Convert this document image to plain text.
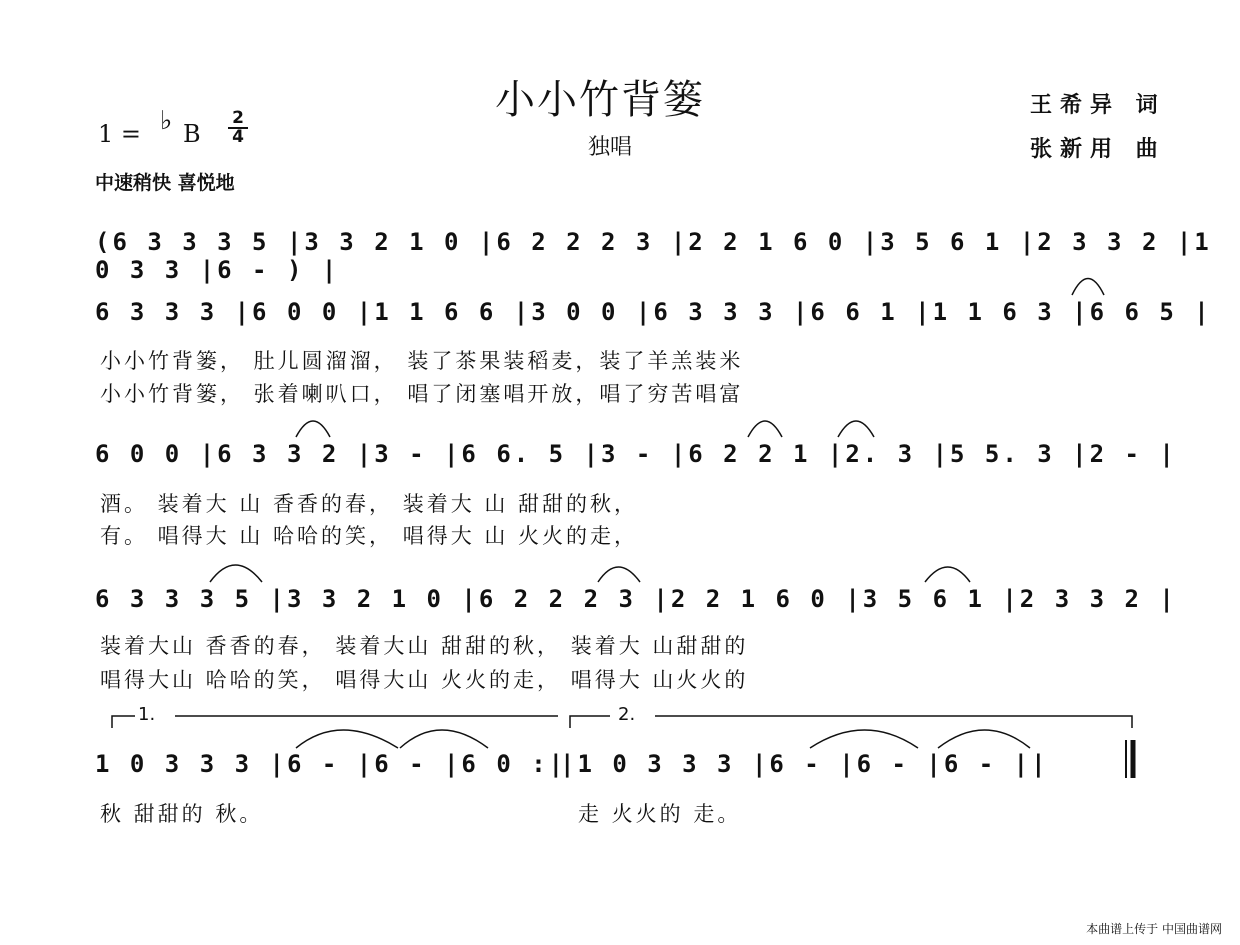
小小竹背篓
独唱
王希异 词
张新用 曲
1 = ♭ B
2
4
中速稍快 喜悦地
(6 3 3 3 5 |3 3 2 1 0 |6 2 2 2 3 |2 2 1 6 0 |3 5 6 1 |2 3 3 2 |1 0 3 3 |6 - ) |
6 3 3 3 |6 0 0 |1 1 6 6 |3 0 0 |6 3 3 3 |6 6 1 |1 1 6 3 |6 6 5 |
小小竹背篓， 肚儿圆溜溜， 装了茶果装稻麦，装了羊羔装米
小小竹背篓， 张着喇叭口， 唱了闭塞唱开放，唱了穷苦唱富
6 0 0 |6 3 3 2 |3 - |6 6. 5 |3 - |6 2 2 1 |2. 3 |5 5. 3 |2 - |
酒。 装着大 山 香香的春， 装着大 山 甜甜的秋，
有。 唱得大 山 哈哈的笑， 唱得大 山 火火的走，
6 3 3 3 5 |3 3 2 1 0 |6 2 2 2 3 |2 2 1 6 0 |3 5 6 1 |2 3 3 2 |
装着大山 香香的春， 装着大山 甜甜的秋， 装着大 山甜甜的
唱得大山 哈哈的笑， 唱得大山 火火的走， 唱得大 山火火的
1.	2.
1 0 3 3 3 |6 - |6 - |6 0 :|
|1 0 3 3 3 |6 - |6 - |6 - ||
秋 甜甜的 秋。	走 火火的 走。
本曲谱上传于 中国曲谱网
